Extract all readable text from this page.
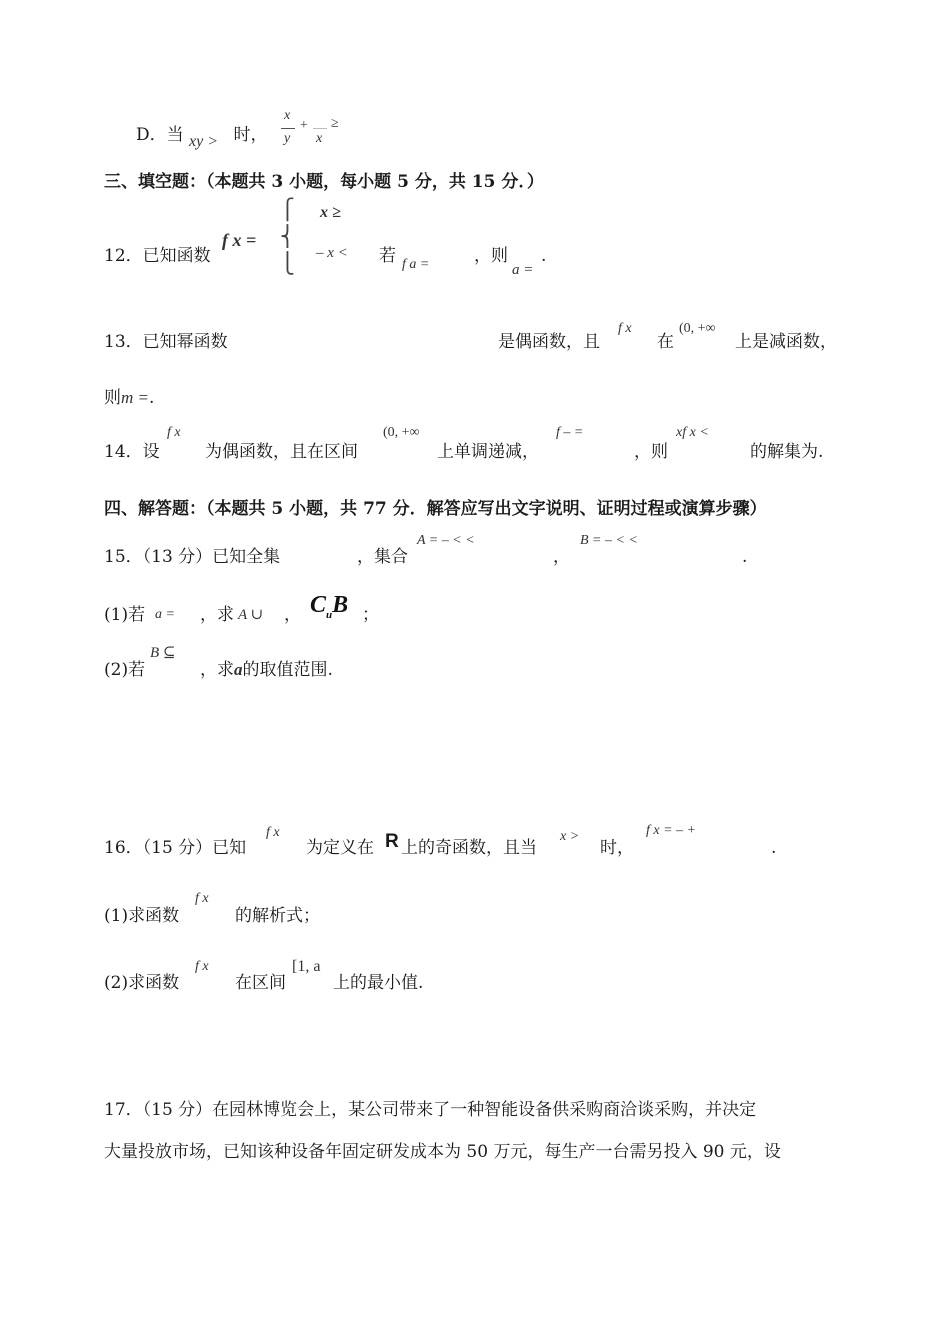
D．当 xy > 时，
x
y
+
x
≥
三、填空题：（本题共 3 小题，每小题 5 分，共 15 分．）
12．已知函数
f x =
⎧
⎨
⎩
x ≥
– x < 若 f a =	，则
a =
.
13．已知幂函数	是偶函数，且
f x
在
(0, +∞
上是减函数，
则m =.
14．设
f x
为偶函数，且在区间
(0, +∞
上单调递减，
f – =
，则
xf x <
的解集为.
四、解答题：（本题共 5 小题，共 77 分．解答应写出文字说明、证明过程或演算步骤）
15．（13 分）已知全集	，集合
A = – < <
，
B = – < <
.
(1)若 a = ，求 A ∪ ， $C_uB$ ；
(2)若
B ⊆
，求a的取值范围.
16．（15 分）已知
f x
为定义在 R 上的奇函数，且当
x >
时，
f x = – +
.
(1)求函数
f x
的解析式；
(2)求函数
f x
在区间
[1, a
上的最小值.
17．（15 分）在园林博览会上，某公司带来了一种智能设备供采购商洽谈采购，并决定
大量投放市场，已知该种设备年固定研发成本为 50 万元，每生产一台需另投入 90 元，设
